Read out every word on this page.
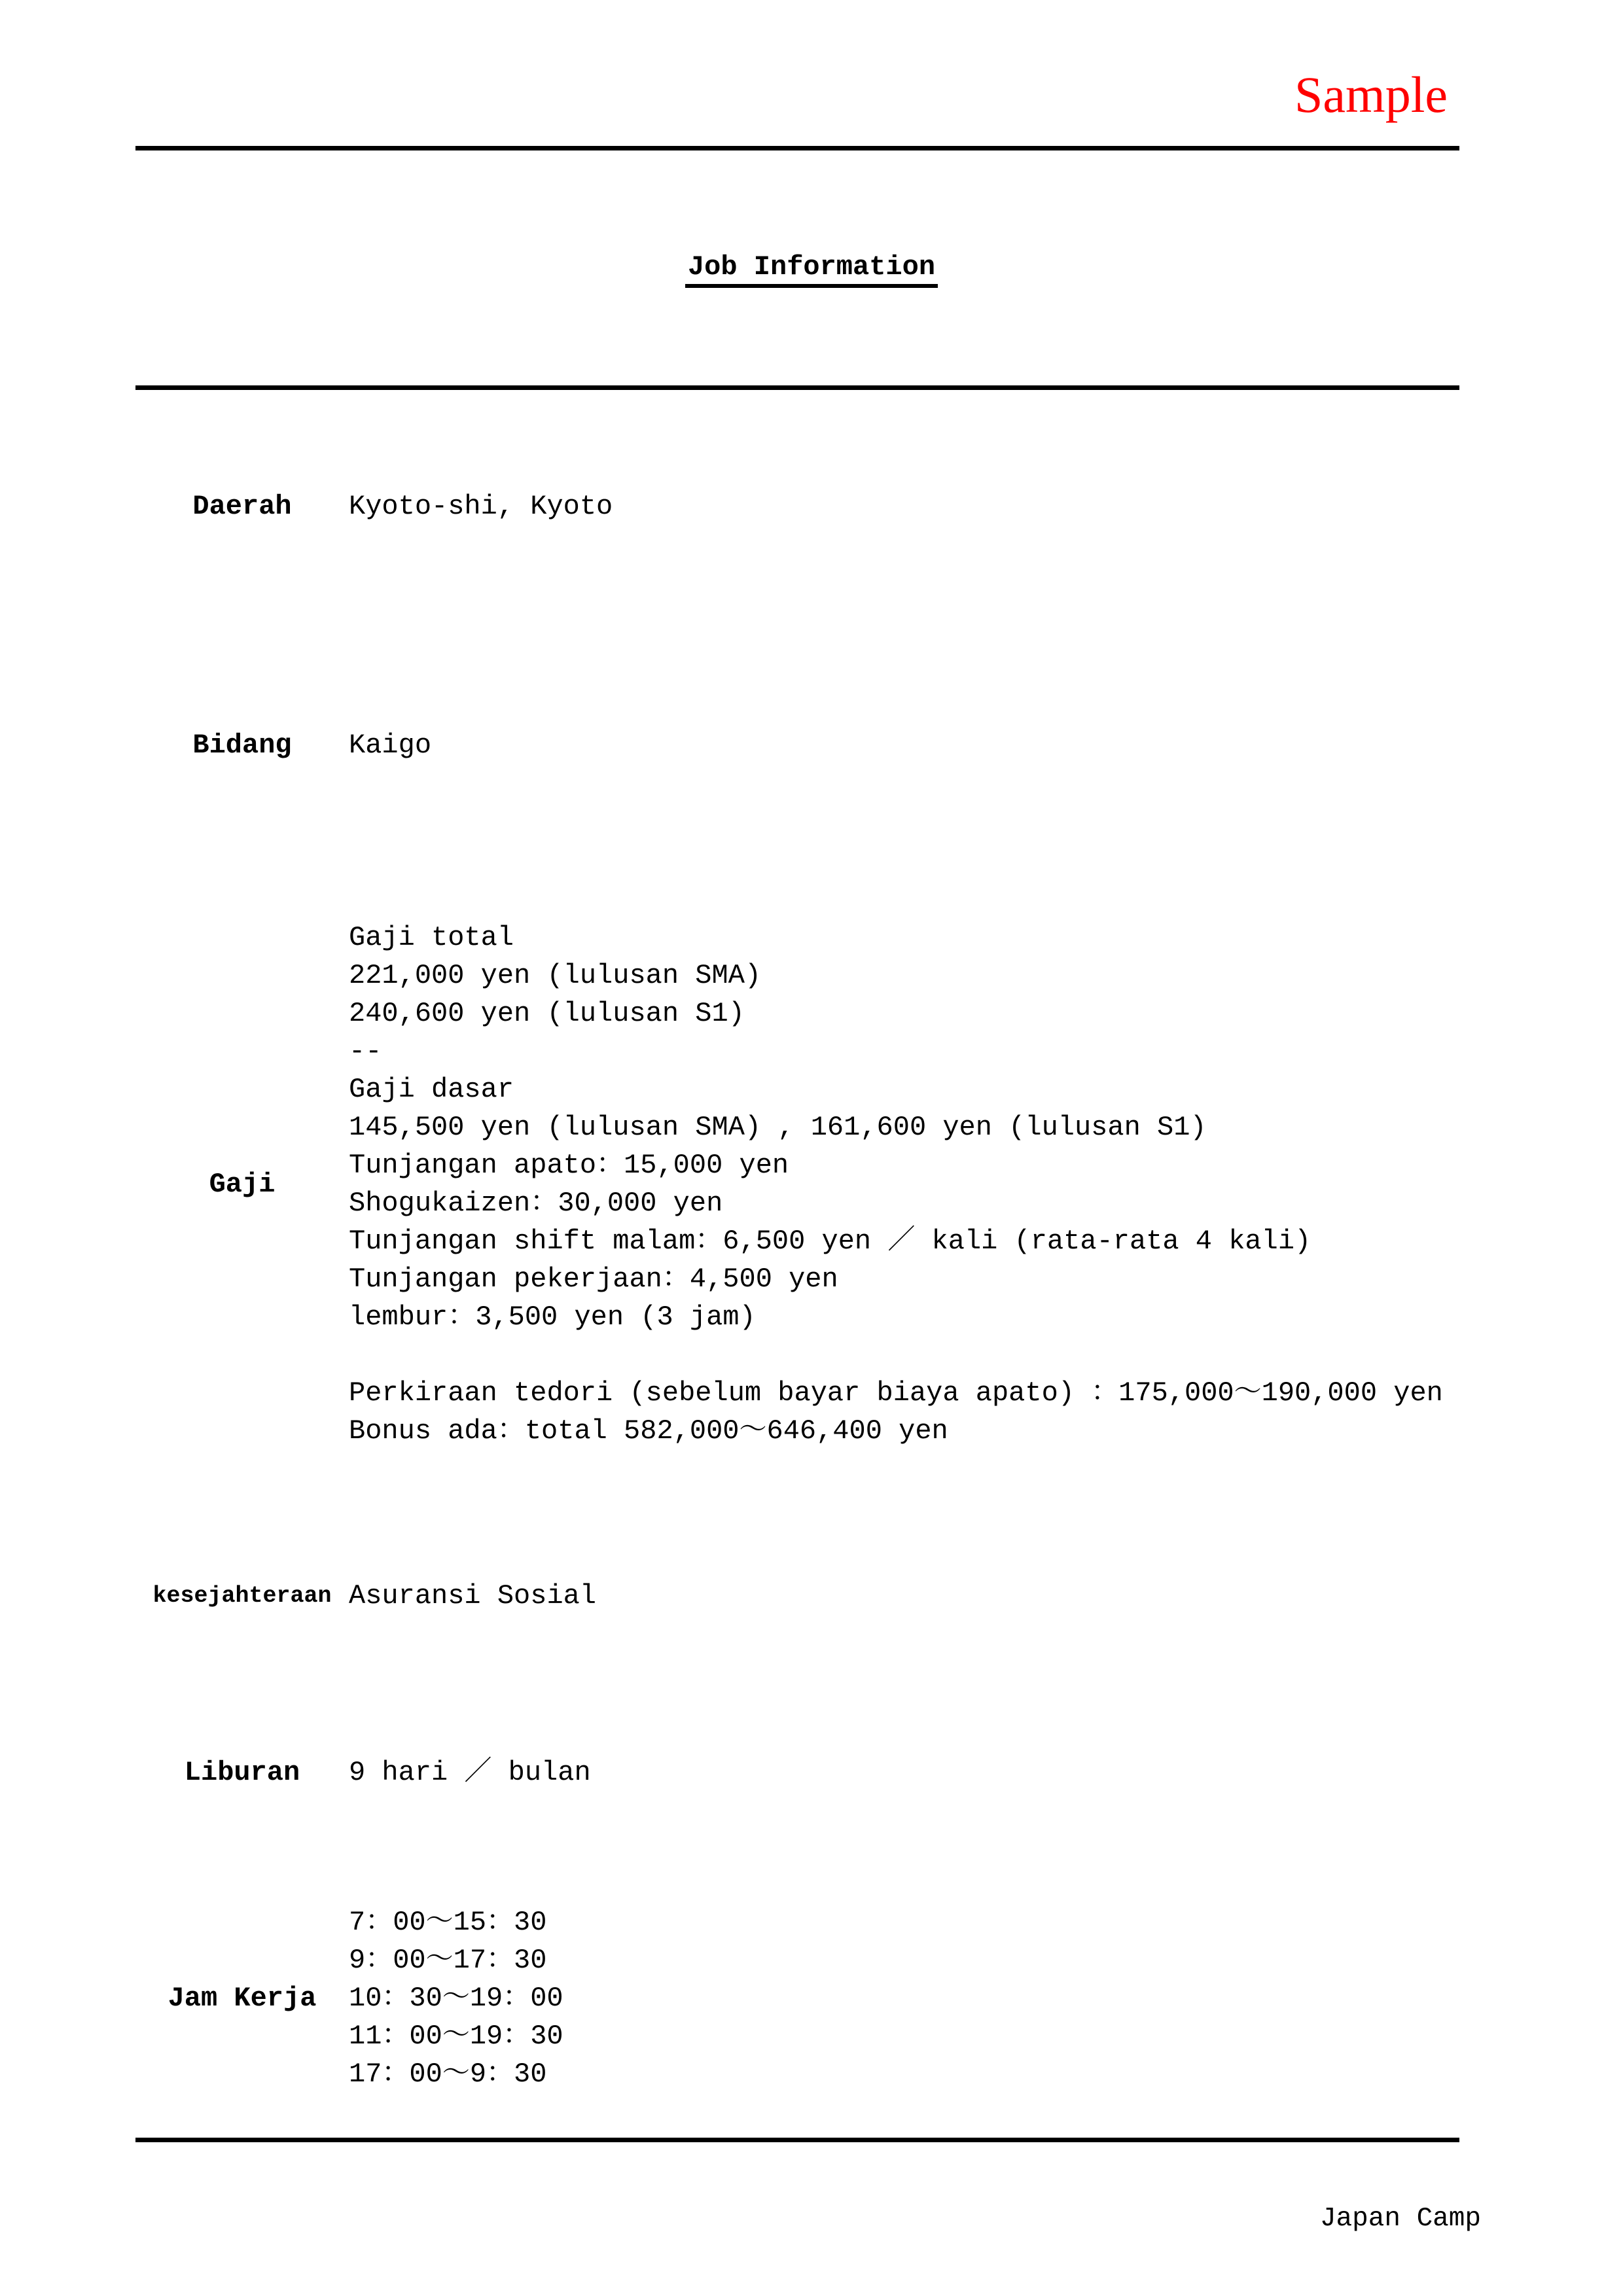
Sample
Job Information
Daerah Kyoto-shi, Kyoto
Bidang Kaigo
Gaji
Gaji total
221,000 yen (lulusan SMA)
240,600 yen (lulusan S1)
--
Gaji dasar
145,500 yen (lulusan SMA) , 161,600 yen (lulusan S1)
Tunjangan apato：15,000 yen
Shogukaizen：30,000 yen
Tunjangan shift malam：6,500 yen ／ kali (rata-rata 4 kali)
Tunjangan pekerjaan：4,500 yen
lembur：3,500 yen (3 jam)

Perkiraan tedori (sebelum bayar biaya apato) ：175,000～190,000 yen
Bonus ada：total 582,000～646,400 yen
kesejahteraan Asuransi Sosial
Liburan 9 hari ／ bulan
Jam Kerja
7：00～15：30
9：00～17：30
10：30～19：00
11：00～19：30
17：00～9：30
Japan Camp
